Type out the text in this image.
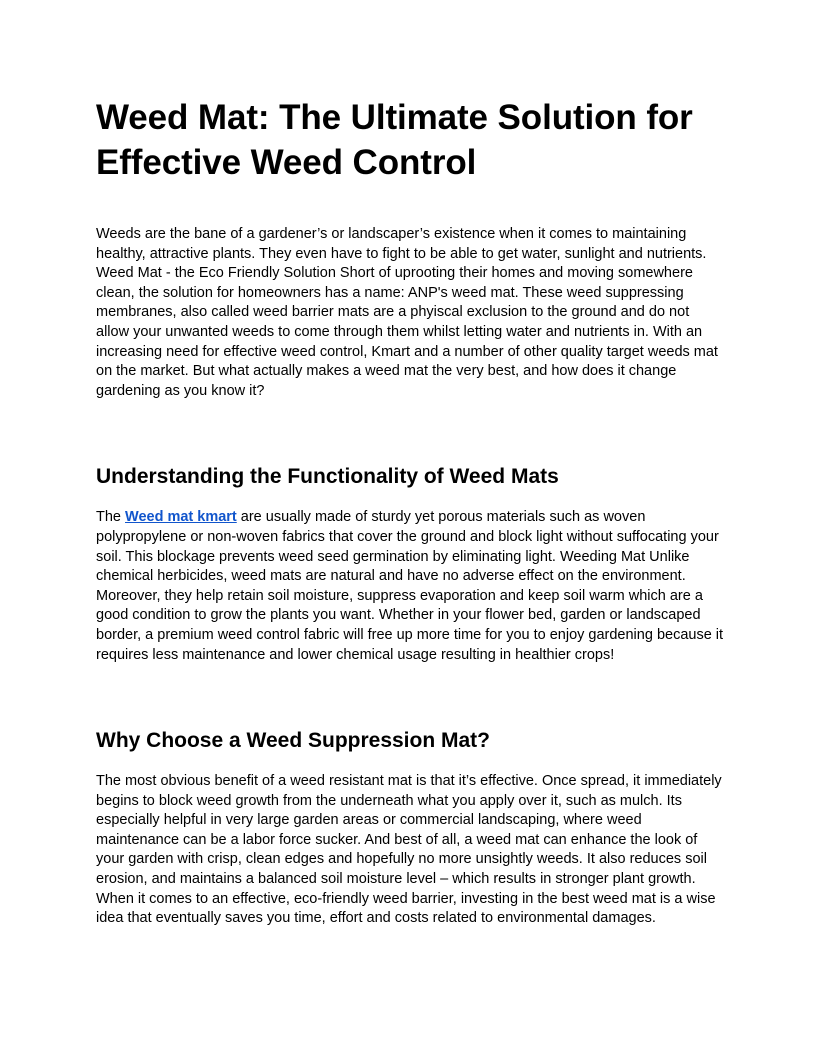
Weed Mat: The Ultimate Solution for Effective Weed Control

Weeds are the bane of a gardener’s or landscaper’s existence when it comes to maintaining healthy, attractive plants. They even have to fight to be able to get water, sunlight and nutrients. Weed Mat - the Eco Friendly Solution Short of uprooting their homes and moving somewhere clean, the solution for homeowners has a name: ANP's weed mat. These weed suppressing membranes, also called weed barrier mats are a phyiscal exclusion to the ground and do not allow your unwanted weeds to come through them whilst letting water and nutrients in. With an increasing need for effective weed control, Kmart and a number of other quality target weeds mat on the market. But what actually makes a weed mat the very best, and how does it change gardening as you know it?

Understanding the Functionality of Weed Mats

The Weed mat kmart are usually made of sturdy yet porous materials such as woven polypropylene or non-woven fabrics that cover the ground and block light without suffocating your soil. This blockage prevents weed seed germination by eliminating light. Weeding Mat Unlike chemical herbicides, weed mats are natural and have no adverse effect on the environment. Moreover, they help retain soil moisture, suppress evaporation and keep soil warm which are a good condition to grow the plants you want. Whether in your flower bed, garden or landscaped border, a premium weed control fabric will free up more time for you to enjoy gardening because it requires less maintenance and lower chemical usage resulting in healthier crops!

Why Choose a Weed Suppression Mat?

The most obvious benefit of a weed resistant mat is that it’s effective. Once spread, it immediately begins to block weed growth from the underneath what you apply over it, such as mulch. Its especially helpful in very large garden areas or commercial landscaping, where weed maintenance can be a labor force sucker. And best of all, a weed mat can enhance the look of your garden with crisp, clean edges and hopefully no more unsightly weeds. It also reduces soil erosion, and maintains a balanced soil moisture level – which results in stronger plant growth. When it comes to an effective, eco-friendly weed barrier, investing in the best weed mat is a wise idea that eventually saves you time, effort and costs related to environmental damages.
